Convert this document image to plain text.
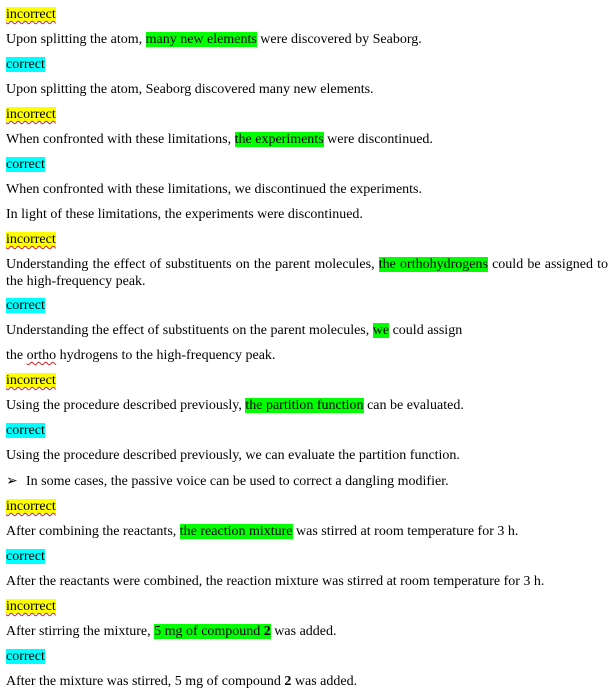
incorrect
Upon splitting the atom, many new elements were discovered by Seaborg.
correct
Upon splitting the atom, Seaborg discovered many new elements.
incorrect
When confronted with these limitations, the experiments were discontinued.
correct
When confronted with these limitations, we discontinued the experiments.
In light of these limitations, the experiments were discontinued.
incorrect
Understanding the effect of substituents on the parent molecules, the orthohydrogens could be assigned to the high-frequency peak.
correct
Understanding the effect of substituents on the parent molecules, we could assign
the ortho hydrogens to the high-frequency peak.
incorrect
Using the procedure described previously, the partition function can be evaluated.
correct
Using the procedure described previously, we can evaluate the partition function.
➢ In some cases, the passive voice can be used to correct a dangling modifier.
incorrect
After combining the reactants, the reaction mixture was stirred at room temperature for 3 h.
correct
After the reactants were combined, the reaction mixture was stirred at room temperature for 3 h.
incorrect
After stirring the mixture, 5 mg of compound 2 was added.
correct
After the mixture was stirred, 5 mg of compound 2 was added.
